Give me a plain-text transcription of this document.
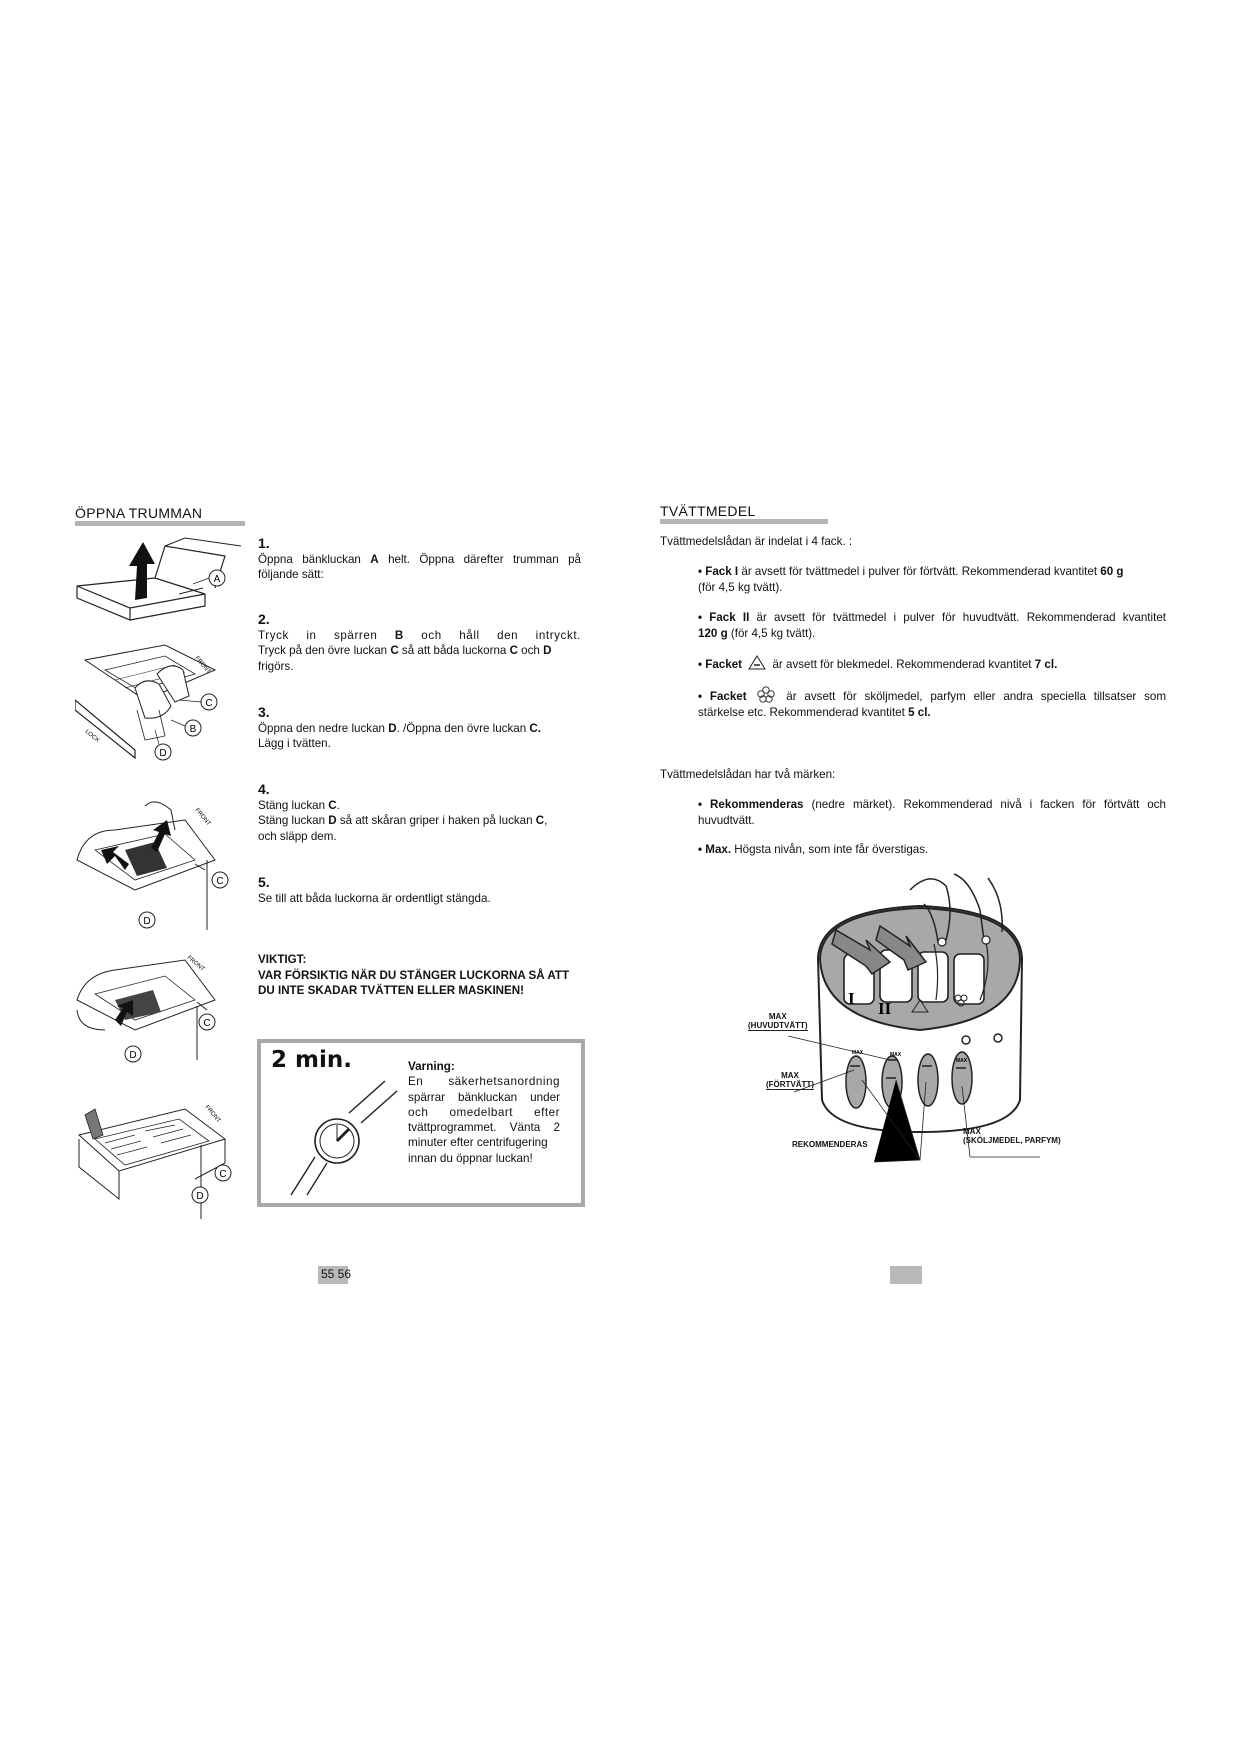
ÖPPNA TRUMMAN
1.
Öppna bänkluckan A helt. Öppna därefter trumman på följande sätt:
2.
Tryck in spärren B och håll den intryckt.
Tryck på den övre luckan C så att båda luckorna C och D
frigörs.
3.
Öppna den nedre luckan D. /Öppna den övre luckan C.
Lägg i tvätten.
4.
Stäng luckan C.
Stäng luckan D så att skåran griper i haken på luckan C,
och släpp dem.
5.
Se till att båda luckorna är ordentligt stängda.
VIKTIGT:
VAR FÖRSIKTIG NÄR DU STÄNGER LUCKORNA SÅ ATT
DU INTE SKADAR TVÄTTEN ELLER MASKINEN!
2 min.	Varning:
En säkerhetsanordning
spärrar bänkluckan under
och omedelbart efter
tvättprogrammet. Vänta 2
minuter efter centrifugering
innan du öppnar luckan!
A
FRONT
LOCK
C
B
D
FRONT
C
D
FRONT
C
D
FRONT
C
D
55 56
TVÄTTMEDEL
Tvättmedelslådan är indelat i 4 fack. :
• Fack I är avsett för tvättmedel i pulver för förtvätt. Rekommenderad kvantitet 60 g
(för 4,5 kg tvätt).
• Fack II är avsett för tvättmedel i pulver för huvudtvätt. Rekommenderad kvantitet
120 g (för 4,5 kg tvätt).
• Facket  är avsett för blekmedel. Rekommenderad kvantitet 7 cl.
• Facket	är avsett för sköljmedel, parfym eller andra speciella tillsatser som
stärkelse etc. Rekommenderad kvantitet 5 cl.
Tvättmedelslådan har två märken:
• Rekommenderas (nedre märket). Rekommenderad nivå i facken för förtvätt och
huvudtvätt.
• Max. Högsta nivån, som inte får överstigas.
I
II
MAX	MAX
MAX
MAX
(HUVUDTVÄTT)
MAX
(FÖRTVÄTT)
REKOMMENDERAS
MAX
(SKÖLJMEDEL, PARFYM)
